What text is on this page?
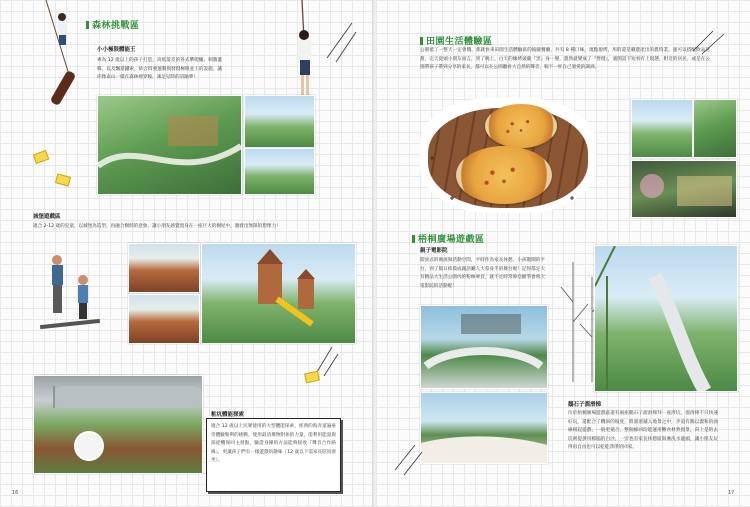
森林挑戰區
小小極限體能王
專為 12 歲以上的孩子打造，高低落差的各式攀爬繩、刺激蓋韓，以及飄還鐵索，結合四強運動與發現極限並王的設施，讓你像泰山一樣在森林裡穿梭，凍足兒時的冒險夢！
城堡遊戲區
適合 2-12 歲的兒童，以城堡為造型，再融合樹洞的意象，讓小朋友感覺置身在一座巨大的樹屋中，激發出無限的想像力！
粧坑體能探索
適合 12 歲以上民眾使用的大型體能探索，經典的海奔道遍豪奇體驗勒利的挑戰，使用最清爆物附休的力量，能利用能量與探從機保回主發點，驗證身操的方法能夠接收『聲音合作路線』，更讓孩子們有一樣遊戲的趣味（12 歲以下需家長陪同滑坐）。
16
田園生活體驗區
公園抵了一整天一定會餓，那就快來田園生活體驗區的披薩餐廳，共有 8 種口味，現點現烤，用的還是職農產出的農特業。運可以搭配飲品送甜，完天從頭小朋友而言，到了晚上，白天的煉烤披薩『窯』身一變，農然就變成了『營燈』，適開設下短看有上現態，附近的居民，或是在公園帶孩子帶到分享的家長，都可以在公園聽看大自然的聲音，喘下一杯自己暑愛的調酒。
梧桐廣場遊戲區
親子電影院
開放式的廣演與活動空間，平時作為家長休憩、小孩散鬧的平台，到了假日結摸成親語廳人大草身手的舞台喔！記得都定大有精品大生活公園內的粉絲專頁，就不定時常節亞顯爭會飛天電影院的活動喔！
鵝石子溜滑梯
位於梧桐廣場遊戲區還有兩座鵝石子溜滑梯拜一座涉坑，溜滑梯不只快速好玩，還配合了機回的坡度，將溜滑鋪入地景之中，步道有鵝以濃和的曲線相起遊戲，一般更適合，整個綠回均能運用難食材然置景，向上是的去坑則提供用樟腦的白沙，一旁也有家長休憩區與淋洗水龍頭，讓小朋友玩得再自由也可以乾乾淨淨的回家。
17
